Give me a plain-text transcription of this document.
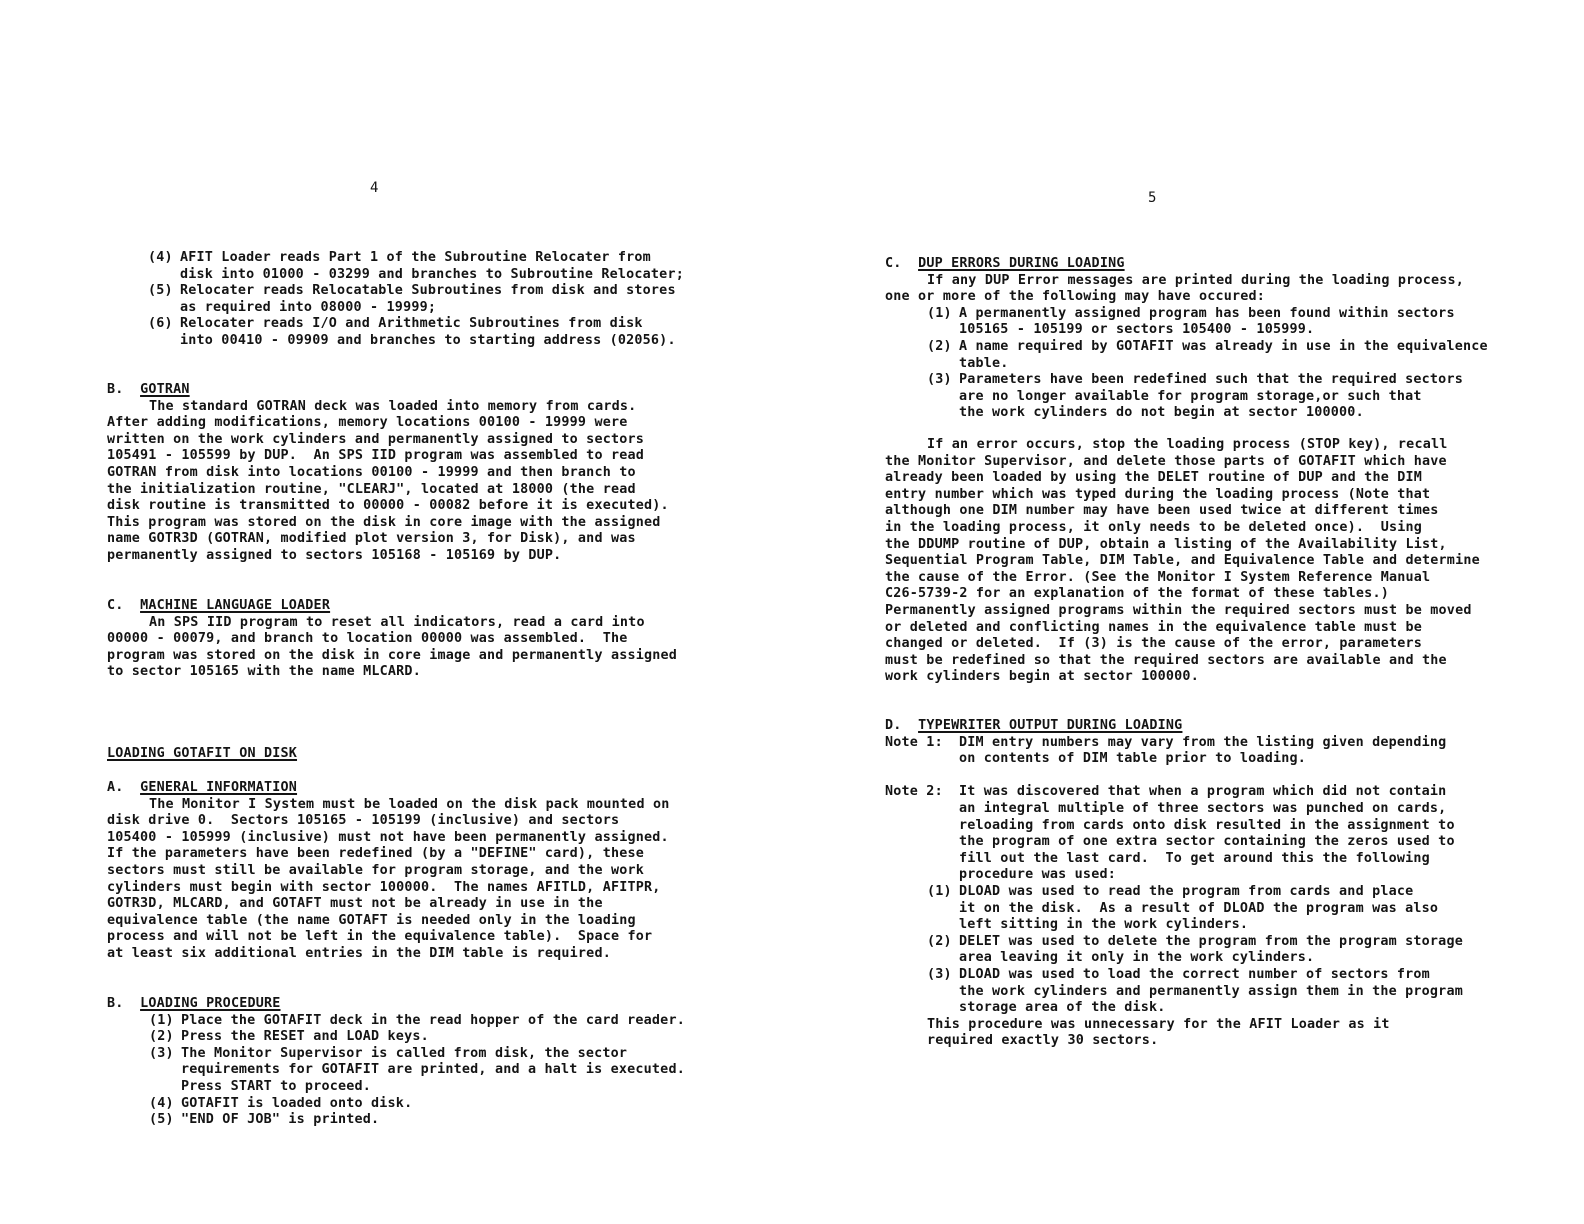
4
(4) AFIT Loader reads Part 1 of the Subroutine Relocater from
disk into 01000 - 03299 and branches to Subroutine Relocater;
(5) Relocater reads Relocatable Subroutines from disk and stores
as required into 08000 - 19999;
(6) Relocater reads I/O and Arithmetic Subroutines from disk
into 00410 - 09909 and branches to starting address (02056).
B. GOTRAN
The standard GOTRAN deck was loaded into memory from cards.
After adding modifications, memory locations 00100 - 19999 were
written on the work cylinders and permanently assigned to sectors
105491 - 105599 by DUP.  An SPS IID program was assembled to read
GOTRAN from disk into locations 00100 - 19999 and then branch to
the initialization routine, "CLEARJ", located at 18000 (the read
disk routine is transmitted to 00000 - 00082 before it is executed).
This program was stored on the disk in core image with the assigned
name GOTR3D (GOTRAN, modified plot version 3, for Disk), and was
permanently assigned to sectors 105168 - 105169 by DUP.
C. MACHINE LANGUAGE LOADER
An SPS IID program to reset all indicators, read a card into
00000 - 00079, and branch to location 00000 was assembled.  The
program was stored on the disk in core image and permanently assigned
to sector 105165 with the name MLCARD.
LOADING GOTAFIT ON DISK
A. GENERAL INFORMATION
The Monitor I System must be loaded on the disk pack mounted on
disk drive 0.  Sectors 105165 - 105199 (inclusive) and sectors
105400 - 105999 (inclusive) must not have been permanently assigned.
If the parameters have been redefined (by a "DEFINE" card), these
sectors must still be available for program storage, and the work
cylinders must begin with sector 100000.  The names AFITLD, AFITPR,
GOTR3D, MLCARD, and GOTAFT must not be already in use in the
equivalence table (the name GOTAFT is needed only in the loading
process and will not be left in the equivalence table).  Space for
at least six additional entries in the DIM table is required.
B. LOADING PROCEDURE
(1) Place the GOTAFIT deck in the read hopper of the card reader.
(2) Press the RESET and LOAD keys.
(3) The Monitor Supervisor is called from disk, the sector
requirements for GOTAFIT are printed, and a halt is executed.
Press START to proceed.
(4) GOTAFIT is loaded onto disk.
(5) "END OF JOB" is printed.
5
C. DUP ERRORS DURING LOADING
If any DUP Error messages are printed during the loading process,
one or more of the following may have occured:
(1) A permanently assigned program has been found within sectors
105165 - 105199 or sectors 105400 - 105999.
(2) A name required by GOTAFIT was already in use in the equivalence
table.
(3) Parameters have been redefined such that the required sectors
are no longer available for program storage,or such that
the work cylinders do not begin at sector 100000.
If an error occurs, stop the loading process (STOP key), recall
the Monitor Supervisor, and delete those parts of GOTAFIT which have
already been loaded by using the DELET routine of DUP and the DIM
entry number which was typed during the loading process (Note that
although one DIM number may have been used twice at different times
in the loading process, it only needs to be deleted once).  Using
the DDUMP routine of DUP, obtain a listing of the Availability List,
Sequential Program Table, DIM Table, and Equivalence Table and determine
the cause of the Error. (See the Monitor I System Reference Manual
C26-5739-2 for an explanation of the format of these tables.)
Permanently assigned programs within the required sectors must be moved
or deleted and conflicting names in the equivalence table must be
changed or deleted.  If (3) is the cause of the error, parameters
must be redefined so that the required sectors are available and the
work cylinders begin at sector 100000.
D. TYPEWRITER OUTPUT DURING LOADING
Note 1: DIM entry numbers may vary from the listing given depending
on contents of DIM table prior to loading.
Note 2: It was discovered that when a program which did not contain
an integral multiple of three sectors was punched on cards,
reloading from cards onto disk resulted in the assignment to
the program of one extra sector containing the zeros used to
fill out the last card.  To get around this the following
procedure was used:
(1) DLOAD was used to read the program from cards and place
it on the disk.  As a result of DLOAD the program was also
left sitting in the work cylinders.
(2) DELET was used to delete the program from the program storage
area leaving it only in the work cylinders.
(3) DLOAD was used to load the correct number of sectors from
the work cylinders and permanently assign them in the program
storage area of the disk.
This procedure was unnecessary for the AFIT Loader as it
required exactly 30 sectors.
